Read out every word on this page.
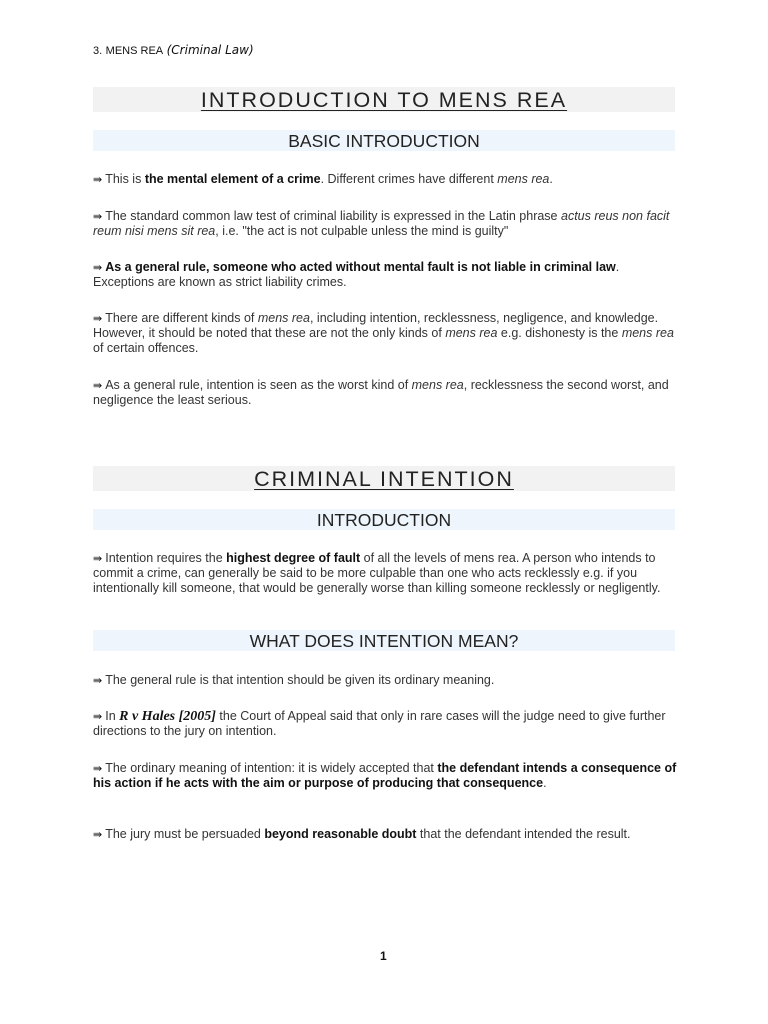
3. MENS REA (Criminal Law)
INTRODUCTION TO MENS REA
BASIC INTRODUCTION
⇛ This is the mental element of a crime. Different crimes have different mens rea.
⇛ The standard common law test of criminal liability is expressed in the Latin phrase actus reus non facit reum nisi mens sit rea, i.e. "the act is not culpable unless the mind is guilty"
⇛ As a general rule, someone who acted without mental fault is not liable in criminal law. Exceptions are known as strict liability crimes.
⇛ There are different kinds of mens rea, including intention, recklessness, negligence, and knowledge. However, it should be noted that these are not the only kinds of mens rea e.g. dishonesty is the mens rea of certain offences.
⇛ As a general rule, intention is seen as the worst kind of mens rea, recklessness the second worst, and negligence the least serious.
CRIMINAL INTENTION
INTRODUCTION
⇛ Intention requires the highest degree of fault of all the levels of mens rea. A person who intends to commit a crime, can generally be said to be more culpable than one who acts recklessly e.g. if you intentionally kill someone, that would be generally worse than killing someone recklessly or negligently.
WHAT DOES INTENTION MEAN?
⇛ The general rule is that intention should be given its ordinary meaning.
⇛ In R v Hales [2005] the Court of Appeal said that only in rare cases will the judge need to give further directions to the jury on intention.
⇛ The ordinary meaning of intention: it is widely accepted that the defendant intends a consequence of his action if he acts with the aim or purpose of producing that consequence.
⇛ The jury must be persuaded beyond reasonable doubt that the defendant intended the result.
1
